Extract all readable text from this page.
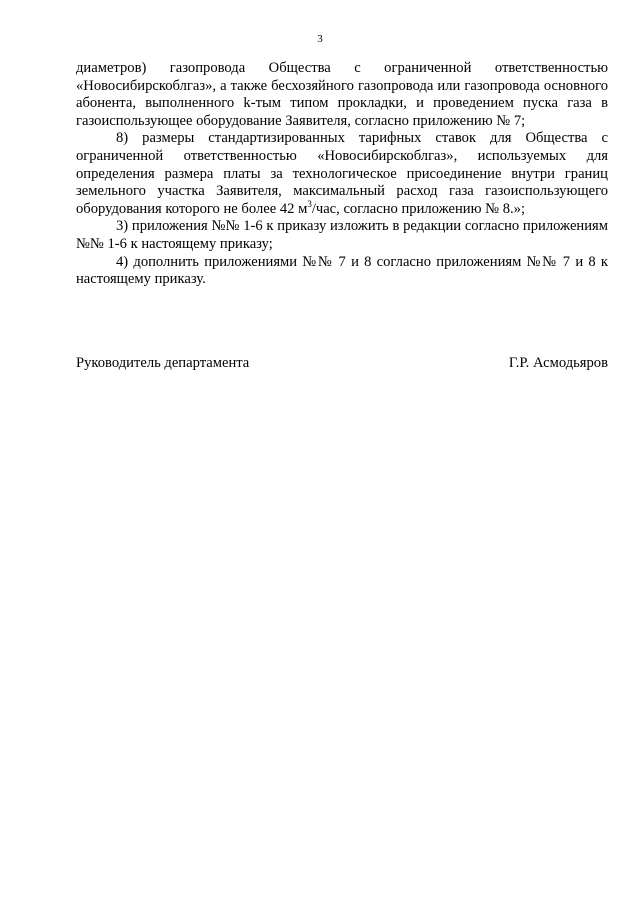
3

диаметров) газопровода Общества с ограниченной ответственностью «Новосибирскоблгаз», а также бесхозяйного газопровода или газопровода основного абонента, выполненного k-тым типом прокладки, и проведением пуска газа в газоиспользующее оборудование Заявителя, согласно приложению № 7;

8) размеры стандартизированных тарифных ставок для Общества с ограниченной ответственностью «Новосибирскоблгаз», используемых для определения размера платы за технологическое присоединение внутри границ земельного участка Заявителя, максимальный расход газа газоиспользующего оборудования которого не более 42 $м^3$/час, согласно приложению № 8.»;

3) приложения №№ 1-6 к приказу изложить в редакции согласно приложениям №№ 1-6 к настоящему приказу;

4) дополнить приложениями №№ 7 и 8 согласно приложениям №№ 7 и 8 к настоящему приказу.

Руководитель департамента	Г.Р. Асмодьяров
